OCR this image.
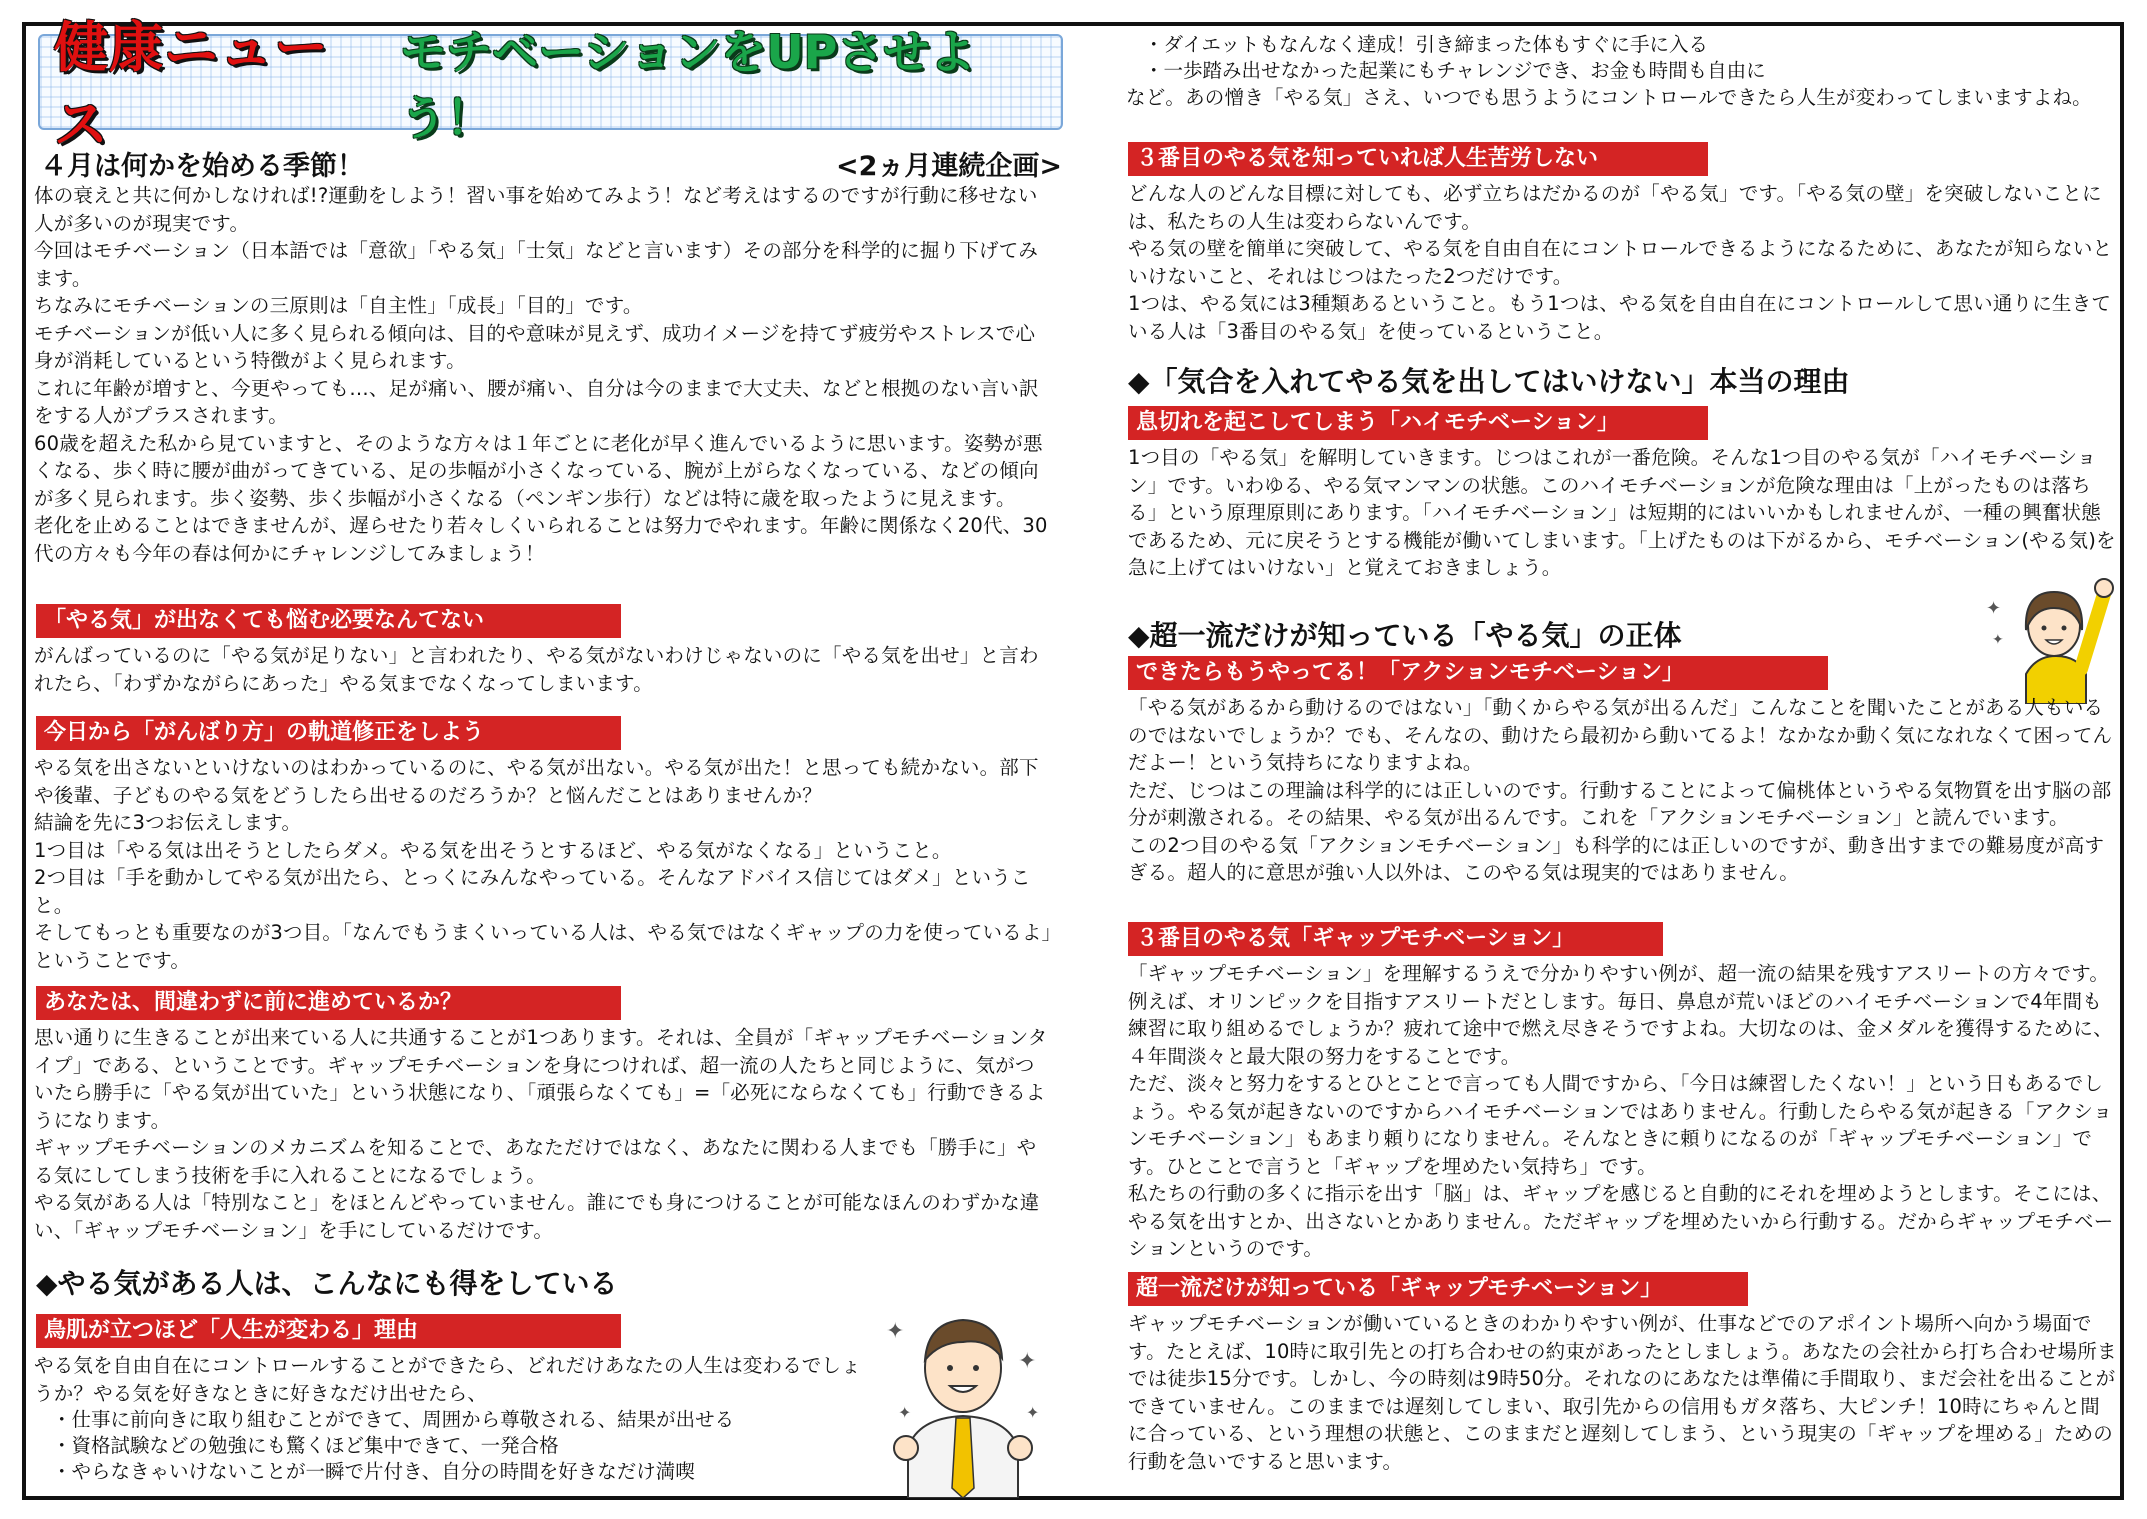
健康ニュース
モチベーションをUPさせよう！
４月は何かを始める季節！	<2ヵ月連続企画>

体の衰えと共に何かしなければ!?運動をしよう！習い事を始めてみよう！など考えはするのですが行動に移せない人が多いのが現実です。

今回はモチベーション（日本語では「意欲」「やる気」「士気」などと言います）その部分を科学的に掘り下げてみます。

ちなみにモチベーションの三原則は「自主性」「成長」「目的」です。

モチベーションが低い人に多く見られる傾向は、目的や意味が見えず、成功イメージを持てず疲労やストレスで心身が消耗しているという特徴がよく見られます。

これに年齢が増すと、今更やっても…、足が痛い、腰が痛い、自分は今のままで大丈夫、などと根拠のない言い訳をする人がプラスされます。

60歳を超えた私から見ていますと、そのような方々は１年ごとに老化が早く進んでいるように思います。姿勢が悪くなる、歩く時に腰が曲がってきている、足の歩幅が小さくなっている、腕が上がらなくなっている、などの傾向が多く見られます。歩く姿勢、歩く歩幅が小さくなる（ペンギン歩行）などは特に歳を取ったように見えます。

老化を止めることはできませんが、遅らせたり若々しくいられることは努力でやれます。年齢に関係なく20代、30代の方々も今年の春は何かにチャレンジしてみましょう！

「やる気」が出なくても悩む必要なんてない

がんばっているのに「やる気が足りない」と言われたり、やる気がないわけじゃないのに「やる気を出せ」と言われたら、「わずかながらにあった」やる気までなくなってしまいます。

今日から「がんばり方」の軌道修正をしよう

やる気を出さないといけないのはわかっているのに、やる気が出ない。やる気が出た！と思っても続かない。部下や後輩、子どものやる気をどうしたら出せるのだろうか？と悩んだことはありませんか？

結論を先に3つお伝えします。

1つ目は「やる気は出そうとしたらダメ。やる気を出そうとするほど、やる気がなくなる」ということ。

2つ目は「手を動かしてやる気が出たら、とっくにみんなやっている。そんなアドバイス信じてはダメ」ということ。

そしてもっとも重要なのが3つ目。「なんでもうまくいっている人は、やる気ではなくギャップの力を使っているよ」ということです。

あなたは、間違わずに前に進めているか？

思い通りに生きることが出来ている人に共通することが1つあります。それは、全員が「ギャップモチベーションタイプ」である、ということです。ギャップモチベーションを身につければ、超一流の人たちと同じように、気がついたら勝手に「やる気が出ていた」という状態になり、「頑張らなくても」=「必死にならなくても」行動できるようになります。

ギャップモチベーションのメカニズムを知ることで、あなただけではなく、あなたに関わる人までも「勝手に」やる気にしてしまう技術を手に入れることになるでしょう。

やる気がある人は「特別なこと」をほとんどやっていません。誰にでも身につけることが可能なほんのわずかな違い、「ギャップモチベーション」を手にしているだけです。

◆やる気がある人は、こんなにも得をしている
鳥肌が立つほど「人生が変わる」理由

やる気を自由自在にコントロールすることができたら、どれだけあなたの人生は変わるでしょうか？やる気を好きなときに好きなだけ出せたら、

・仕事に前向きに取り組むことができて、周囲から尊敬される、結果が出せる

・資格試験などの勉強にも驚くほど集中できて、一発合格

・やらなきゃいけないことが一瞬で片付き、自分の時間を好きなだけ満喫

✦
✦
✦	✦

・ダイエットもなんなく達成！引き締まった体もすぐに手に入る

・一歩踏み出せなかった起業にもチャレンジでき、お金も時間も自由に

など。あの憎き「やる気」さえ、いつでも思うようにコントロールできたら人生が変わってしまいますよね。

３番目のやる気を知っていれば人生苦労しない

どんな人のどんな目標に対しても、必ず立ちはだかるのが「やる気」です。「やる気の壁」を突破しないことには、私たちの人生は変わらないんです。

やる気の壁を簡単に突破して、やる気を自由自在にコントロールできるようになるために、あなたが知らないといけないこと、それはじつはたった2つだけです。

1つは、やる気には3種類あるということ。もう1つは、やる気を自由自在にコントロールして思い通りに生きている人は「3番目のやる気」を使っているということ。

◆「気合を入れてやる気を出してはいけない」本当の理由
息切れを起こしてしまう「ハイモチベーション」

1つ目の「やる気」を解明していきます。じつはこれが一番危険。そんな1つ目のやる気が「ハイモチベーション」です。いわゆる、やる気マンマンの状態。このハイモチベーションが危険な理由は「上がったものは落ちる」という原理原則にあります。「ハイモチベーション」は短期的にはいいかもしれませんが、一種の興奮状態であるため、元に戻そうとする機能が働いてしまいます。「上げたものは下がるから、モチベーション(やる気)を急に上げてはいけない」と覚えておきましょう。

✦
✦
◆超一流だけが知っている「やる気」の正体
できたらもうやってる！「アクションモチベーション」

「やる気があるから動けるのではない」「動くからやる気が出るんだ」こんなことを聞いたことがある人もいるのではないでしょうか？でも、そんなの、動けたら最初から動いてるよ！なかなか動く気になれなくて困ってんだよー！という気持ちになりますよね。

ただ、じつはこの理論は科学的には正しいのです。行動することによって偏桃体というやる気物質を出す脳の部分が刺激される。その結果、やる気が出るんです。これを「アクションモチベーション」と読んでいます。

この2つ目のやる気「アクションモチベーション」も科学的には正しいのですが、動き出すまでの難易度が高すぎる。超人的に意思が強い人以外は、このやる気は現実的ではありません。

３番目のやる気「ギャップモチベーション」

「ギャップモチベーション」を理解するうえで分かりやすい例が、超一流の結果を残すアスリートの方々です。例えば、オリンピックを目指すアスリートだとします。毎日、鼻息が荒いほどのハイモチベーションで4年間も練習に取り組めるでしょうか？疲れて途中で燃え尽きそうですよね。大切なのは、金メダルを獲得するために、４年間淡々と最大限の努力をすることです。

ただ、淡々と努力をするとひとことで言っても人間ですから、「今日は練習したくない！」という日もあるでしょう。やる気が起きないのですからハイモチベーションではありません。行動したらやる気が起きる「アクションモチベーション」もあまり頼りになりません。そんなときに頼りになるのが「ギャップモチベーション」です。ひとことで言うと「ギャップを埋めたい気持ち」です。

私たちの行動の多くに指示を出す「脳」は、ギャップを感じると自動的にそれを埋めようとします。そこには、やる気を出すとか、出さないとかありません。ただギャップを埋めたいから行動する。だからギャップモチベーションというのです。

超一流だけが知っている「ギャップモチベーション」

ギャップモチベーションが働いているときのわかりやすい例が、仕事などでのアポイント場所へ向かう場面です。たとえば、10時に取引先との打ち合わせの約束があったとしましょう。あなたの会社から打ち合わせ場所までは徒歩15分です。しかし、今の時刻は9時50分。それなのにあなたは準備に手間取り、まだ会社を出ることができていません。このままでは遅刻してしまい、取引先からの信用もガタ落ち、大ピンチ！10時にちゃんと間に合っている、という理想の状態と、このままだと遅刻してしまう、という現実の「ギャップを埋める」ための行動を急いですると思います。
